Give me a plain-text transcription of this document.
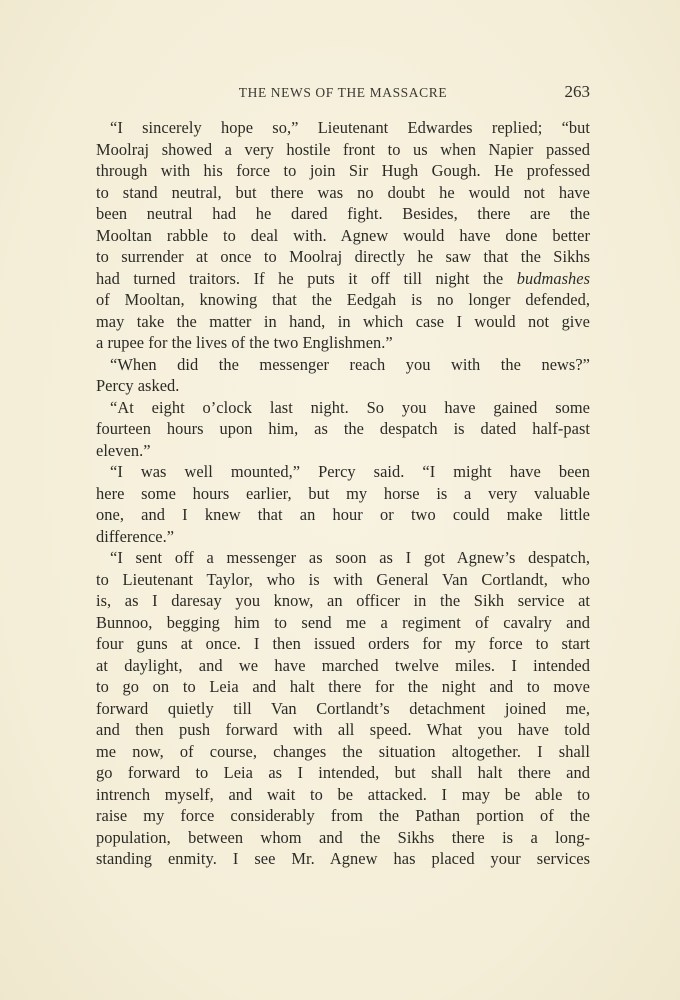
THE NEWS OF THE MASSACRE	263
“I sincerely hope so,” Lieutenant Edwardes replied; “but
Moolraj showed a very hostile front to us when Napier passed
through with his force to join Sir Hugh Gough. He professed
to stand neutral, but there was no doubt he would not have
been neutral had he dared fight. Besides, there are the
Mooltan rabble to deal with. Agnew would have done better
to surrender at once to Moolraj directly he saw that the Sikhs
had turned traitors. If he puts it off till night the budmashes
of Mooltan, knowing that the Eedgah is no longer defended,
may take the matter in hand, in which case I would not give
a rupee for the lives of the two Englishmen.”
“When did the messenger reach you with the news?”
Percy asked.
“At eight o’clock last night. So you have gained some
fourteen hours upon him, as the despatch is dated half-past
eleven.”
“I was well mounted,” Percy said. “I might have been
here some hours earlier, but my horse is a very valuable
one, and I knew that an hour or two could make little
difference.”
“I sent off a messenger as soon as I got Agnew’s despatch,
to Lieutenant Taylor, who is with General Van Cortlandt, who
is, as I daresay you know, an officer in the Sikh service at
Bunnoo, begging him to send me a regiment of cavalry and
four guns at once. I then issued orders for my force to start
at daylight, and we have marched twelve miles. I intended
to go on to Leia and halt there for the night and to move
forward quietly till Van Cortlandt’s detachment joined me,
and then push forward with all speed. What you have told
me now, of course, changes the situation altogether. I shall
go forward to Leia as I intended, but shall halt there and
intrench myself, and wait to be attacked. I may be able to
raise my force considerably from the Pathan portion of the
population, between whom and the Sikhs there is a long-
standing enmity. I see Mr. Agnew has placed your services
